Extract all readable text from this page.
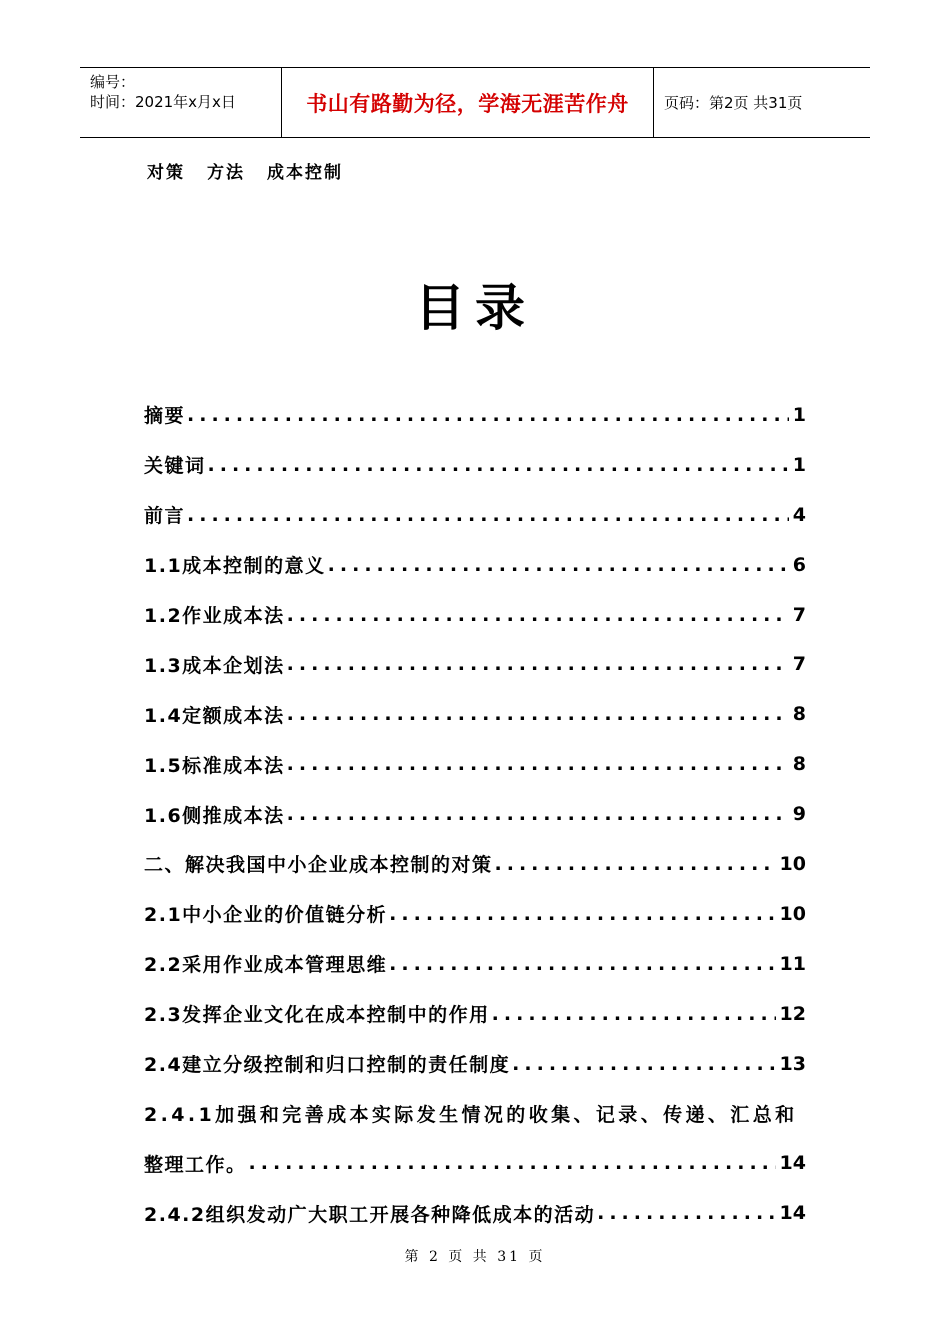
编号：
时间：2021年x月x日	书山有路勤为径，学海无涯苦作舟 页码：第2页 共31页
对策 方法 成本控制
目录
摘要 .....	1
关键词 .....	1
前言 .....	4
1.1成本控制的意义 .....	6
1.2作业成本法 .....	7
1.3成本企划法 .....	7
1.4定额成本法 .....	8
1.5标准成本法 .....	8
1.6侧推成本法 .....	9
二、解决我国中小企业成本控制的对策 .....	10
2.1中小企业的价值链分析 .....	10
2.2采用作业成本管理思维 .....	11
2.3发挥企业文化在成本控制中的作用 .....	12
2.4建立分级控制和归口控制的责任制度 .....	13
2.4.1加强和完善成本实际发生情况的收集、记录、传递、汇总和
整理工作。 .....	14
2.4.2组织发动广大职工开展各种降低成本的活动 .....	14
第 2 页 共 31 页
